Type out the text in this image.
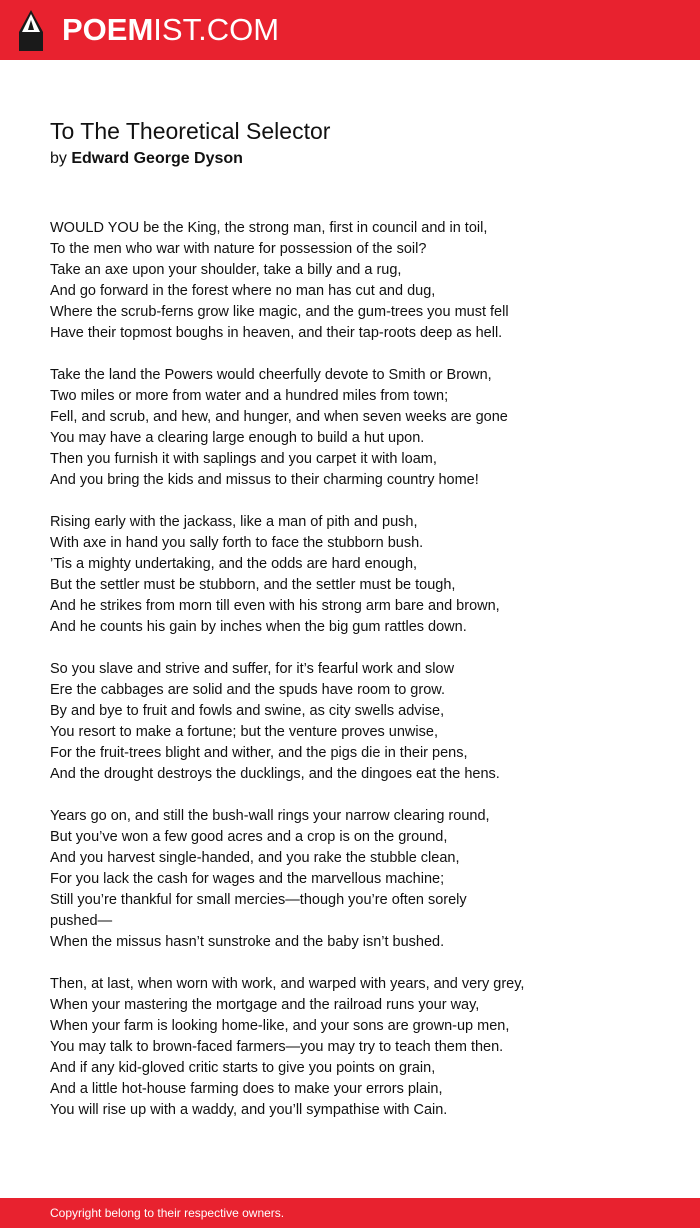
POEMIST.COM
To The Theoretical Selector
by Edward George Dyson
WOULD YOU be the King, the strong man, first in council and in toil,
To the men who war with nature for possession of the soil?
Take an axe upon your shoulder, take a billy and a rug,
And go forward in the forest where no man has cut and dug,
Where the scrub-ferns grow like magic, and the gum-trees you must fell
Have their topmost boughs in heaven, and their tap-roots deep as hell.
Take the land the Powers would cheerfully devote to Smith or Brown,
Two miles or more from water and a hundred miles from town;
Fell, and scrub, and hew, and hunger, and when seven weeks are gone
You may have a clearing large enough to build a hut upon.
Then you furnish it with saplings and you carpet it with loam,
And you bring the kids and missus to their charming country home!
Rising early with the jackass, like a man of pith and push,
With axe in hand you sally forth to face the stubborn bush.
’Tis a mighty undertaking, and the odds are hard enough,
But the settler must be stubborn, and the settler must be tough,
And he strikes from morn till even with his strong arm bare and brown,
And he counts his gain by inches when the big gum rattles down.
So you slave and strive and suffer, for it’s fearful work and slow
Ere the cabbages are solid and the spuds have room to grow.
By and bye to fruit and fowls and swine, as city swells advise,
You resort to make a fortune; but the venture proves unwise,
For the fruit-trees blight and wither, and the pigs die in their pens,
And the drought destroys the ducklings, and the dingoes eat the hens.
Years go on, and still the bush-wall rings your narrow clearing round,
But you’ve won a few good acres and a crop is on the ground,
And you harvest single-handed, and you rake the stubble clean,
For you lack the cash for wages and the marvellous machine;
Still you’re thankful for small mercies—though you’re often sorely
pushed—
When the missus hasn’t sunstroke and the baby isn’t bushed.
Then, at last, when worn with work, and warped with years, and very grey,
When your mastering the mortgage and the railroad runs your way,
When your farm is looking home-like, and your sons are grown-up men,
You may talk to brown-faced farmers—you may try to teach them then.
And if any kid-gloved critic starts to give you points on grain,
And a little hot-house farming does to make your errors plain,
You will rise up with a waddy, and you’ll sympathise with Cain.
Copyright belong to their respective owners.
